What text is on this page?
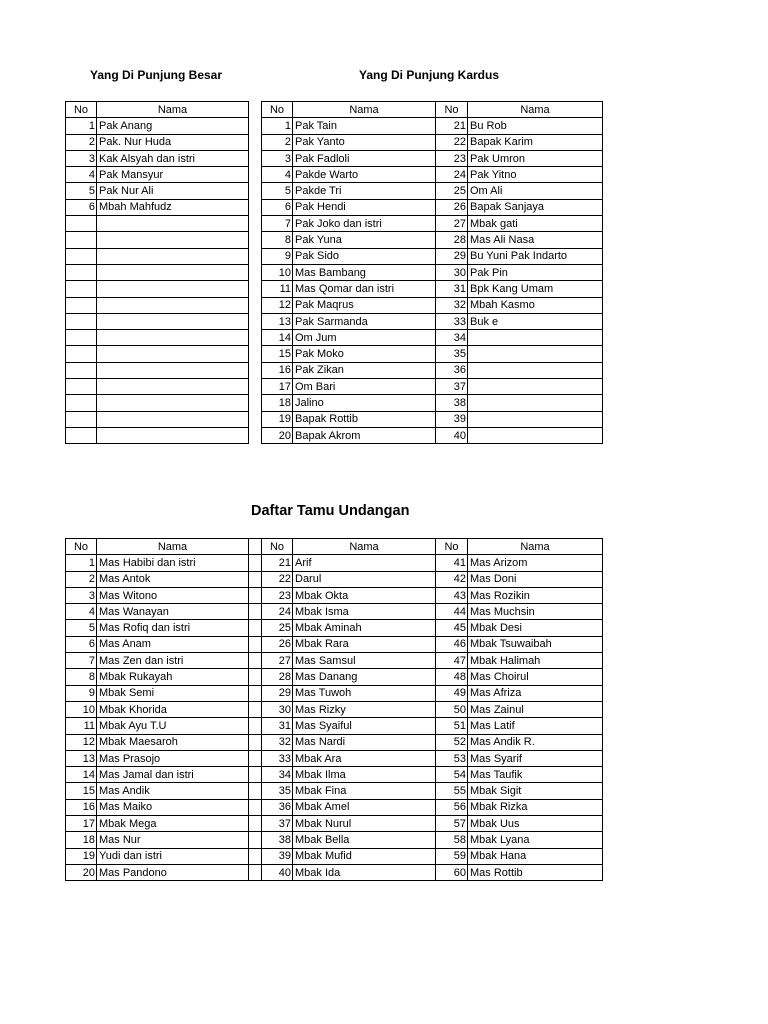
Yang Di Punjung Besar	Yang Di Punjung Kardus
Daftar Tamu Undangan
No	Nama
1	Pak Anang
2	Pak. Nur Huda
3	Kak Alsyah dan istri
4	Pak Mansyur
5	Pak Nur Ali
6	Mbah Mahfudz

No	Nama	No	Nama
1	Pak Tain	21	Bu Rob
2	Pak Yanto	22	Bapak Karim
3	Pak Fadloli	23	Pak Umron
4	Pakde Warto	24	Pak Yitno
5	Pakde Tri	25	Om Ali
6	Pak Hendi	26	Bapak Sanjaya
7	Pak Joko dan istri	27	Mbak gati
8	Pak Yuna	28	Mas Ali Nasa
9	Pak Sido	29	Bu Yuni Pak Indarto
10	Mas Bambang	30	Pak Pin
11	Mas Qomar dan istri	31	Bpk Kang Umam
12	Pak Maqrus	32	Mbah Kasmo
13	Pak Sarmanda	33	Buk e
14	Om Jum	34	
15	Pak Moko	35	
16	Pak Zikan	36	
17	Om Bari	37	
18	Jalino	38	
19	Bapak Rottib	39	
20	Bapak Akrom	40	
No	Nama		No	Nama	No	Nama
1	Mas Habibi dan istri		21	Arif	41	Mas Arizom
2	Mas Antok		22	Darul	42	Mas Doni
3	Mas Witono		23	Mbak Okta	43	Mas Rozikin
4	Mas Wanayan		24	Mbak Isma	44	Mas Muchsin
5	Mas Rofiq dan istri		25	Mbak Aminah	45	Mbak Desi
6	Mas Anam		26	Mbak Rara	46	Mbak Tsuwaibah
7	Mas Zen dan istri		27	Mas Samsul	47	Mbak Halimah
8	Mbak Rukayah		28	Mas Danang	48	Mas Choirul
9	Mbak Semi		29	Mas Tuwoh	49	Mas Afriza
10	Mbak Khorida		30	Mas Rizky	50	Mas Zainul
11	Mbak Ayu T.U		31	Mas Syaiful	51	Mas Latif
12	Mbak Maesaroh		32	Mas Nardi	52	Mas Andik R.
13	Mas Prasojo		33	Mbak Ara	53	Mas Syarif
14	Mas Jamal dan istri		34	Mbak Ilma	54	Mas Taufik
15	Mas Andik		35	Mbak Fina	55	Mbak Sigit
16	Mas Maiko		36	Mbak Amel	56	Mbak Rizka
17	Mbak Mega		37	Mbak Nurul	57	Mbak Uus
18	Mas Nur		38	Mbak Bella	58	Mbak Lyana
19	Yudi dan istri		39	Mbak Mufid	59	Mbak Hana
20	Mas Pandono		40	Mbak Ida	60	Mas Rottib
